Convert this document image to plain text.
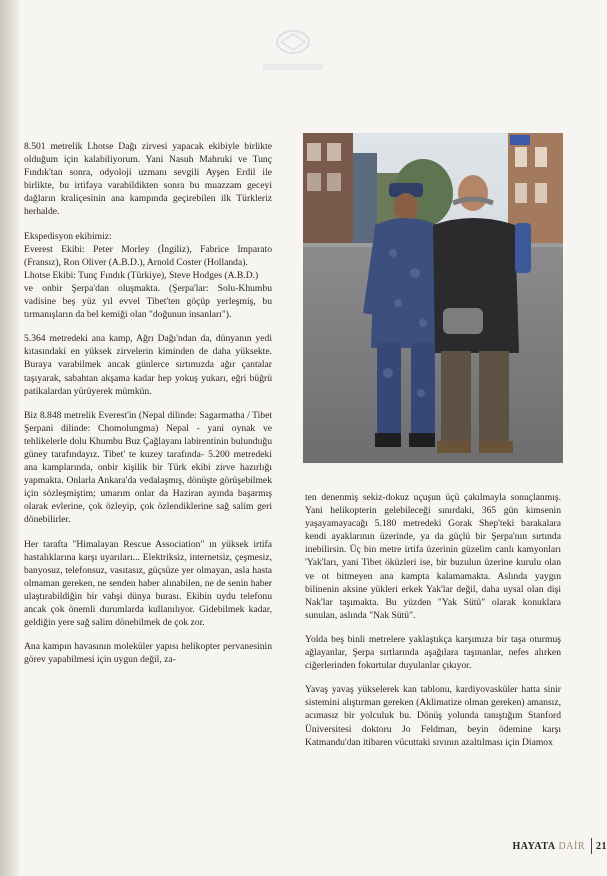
8.501 metrelik Lhotse Dağı zirvesi yapacak ekibiyle birlikte olduğum için kalabiliyorum. Yani Nasuh Mahruki ve Tunç Fındık'tan sonra, odyoloji uzmanı sevgili Ayşen Erdil ile birlikte, bu irtifaya varabildikten sonra bu muazzam geceyi dağların kraliçesinin ana kampında geçirebilen ilk Türkleriz herhalde.

Ekspedisyon ekibimiz:

Everest Ekibi: Peter Morley (İngiliz), Fabrice Imparato (Fransız), Ron Oliver (A.B.D.), Arnold Coster (Hollanda).

Lhotse Ekibi: Tunç Fındık (Türkiye), Steve Hodges (A.B.D.)

ve onbir Şerpa'dan oluşmakta. (Şerpa'lar: Solu-Khumbu vadisine beş yüz yıl evvel Tibet'ten göçüp yerleşmiş, bu tırmanışların da bel kemiği olan "doğunun insanları").

5.364 metredeki ana kamp, Ağrı Dağı'ndan da, dünyanın yedi kıtasındaki en yüksek zirvelerin kiminden de daha yüksekte. Buraya varabilmek ancak günlerce sırtımızda ağır çantalar taşıyarak, sabahtan akşama kadar hep yokuş yukarı, eğri büğrü patikalardan yürüyerek mümkün.

Biz 8.848 metrelik Everest'in (Nepal dilinde: Sagarmatha / Tibet Şerpani dilinde: Chomolungma) Nepal - yani oynak ve tehlikelerle dolu Khumbu Buz Çağlayanı labirentinin bulunduğu güney tarafındayız. Tibet' te kuzey tarafında- 5.200 metredeki ana kamplarında, onbir kişilik bir Türk ekibi zirve hazırlığı yapmakta. Onlarla Ankara'da vedalaşmış, dönüşte görüşebilmek için sözleşmiştim; umarım onlar da Haziran ayında başarmış olarak evlerine, çok özleyip, çok özlendiklerine sağ salim geri dönebilirler.

Her tarafta "Himalayan Rescue Association" ın yüksek irtifa hastalıklarına karşı uyarıları... Elektriksiz, internetsiz, çeşmesiz, banyosuz, telefonsuz, vasıtasız, güçsüze yer olmayan, asla hasta olmaman gereken, ne senden haber alınabilen, ne de senin haber ulaştırabildiğin bir vahşi dünya burası. Ekibin uydu telefonu ancak çok önemli durumlarda kullanılıyor. Gidebilmek kadar, geldiğin yere sağ salim dönebilmek de çok zor.

Ana kampın havasının moleküler yapısı helikopter pervanesinin görev yapabilmesi için uygun değil, za-

ten denenmiş sekiz-dokuz uçuşun üçü çakılmayla sonuçlanmış. Yani helikopterin gelebileceği sınırdaki, 365 gün kimsenin yaşayamayacağı 5.180 metredeki Gorak Shep'teki barakalara kendi ayaklarının üzerinde, ya da güçlü bir Şerpa'nın sırtında inebilirsin. Üç bin metre irtifa üzerinin güzelim canlı kamyonları 'Yak'ları, yani Tibet öküzleri ise, bir buzulun üzerine kurulu olan ve ot bitmeyen ana kampta kalamamakta. Aslında yaygın bilinenin aksine yükleri erkek Yak'lar değil, daha uysal olan dişi Nak'lar taşımakta. Bu yüzden "Yak Sütü" olarak konuklara sunulan, aslında "Nak Sütü".

Yolda beş binli metrelere yaklaştıkça karşımıza bir taşa oturmuş ağlayanlar, Şerpa sırtlarında aşağılara taşınanlar, nefes alırken ciğerlerinden fokurtular duyulanlar çıkıyor.

Yavaş yavaş yükselerek kan tablonu, kardiyovasküler hatta sinir sistemini alıştırman gereken (Aklimatize olman gereken) amansız, acımasız bir yolculuk bu. Dönüş yolunda tanıştığım Stanford Üniversitesi doktoru Jo Feldman, beyin ödemine karşı Katmandu'dan itibaren vücuttaki sıvının azaltılması için Diamox

HAYATA DAİR 21
